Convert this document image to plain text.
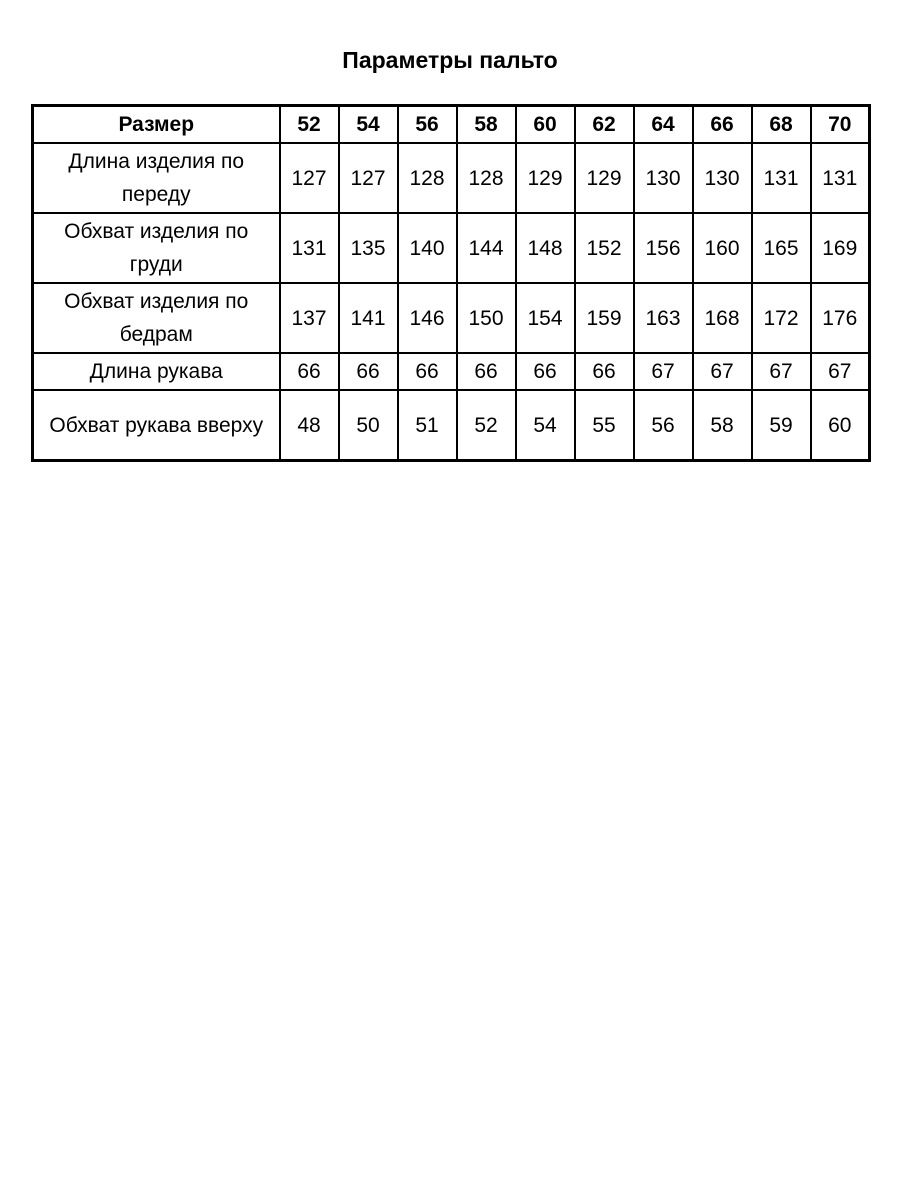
Параметры пальто
Размер	52	54	56	58	60	62	64	66	68	70
Длина изделия по переду	127	127	128	128	129	129	130	130	131	131
Обхват изделия по груди	131	135	140	144	148	152	156	160	165	169
Обхват изделия по бедрам	137	141	146	150	154	159	163	168	172	176
Длина рукава	66	66	66	66	66	66	67	67	67	67
Обхват рукава вверху	48	50	51	52	54	55	56	58	59	60
